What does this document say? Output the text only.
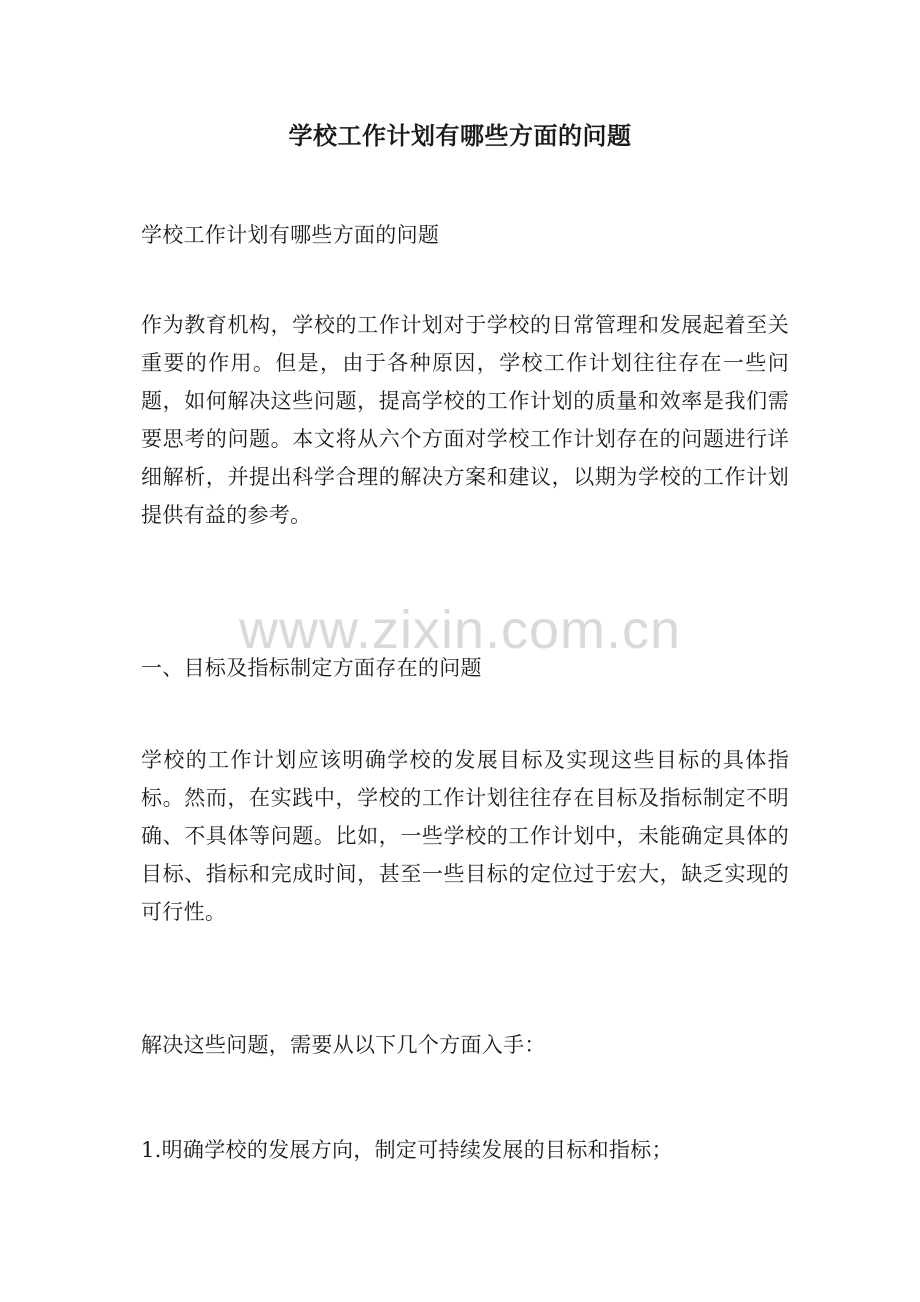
学校工作计划有哪些方面的问题

学校工作计划有哪些方面的问题

作为教育机构，学校的工作计划对于学校的日常管理和发展起着至关重要的作用。但是，由于各种原因，学校工作计划往往存在一些问题，如何解决这些问题，提高学校的工作计划的质量和效率是我们需要思考的问题。本文将从六个方面对学校工作计划存在的问题进行详细解析，并提出科学合理的解决方案和建议，以期为学校的工作计划提供有益的参考。

一、目标及指标制定方面存在的问题

学校的工作计划应该明确学校的发展目标及实现这些目标的具体指标。然而，在实践中，学校的工作计划往往存在目标及指标制定不明确、不具体等问题。比如，一些学校的工作计划中，未能确定具体的目标、指标和完成时间，甚至一些目标的定位过于宏大，缺乏实现的可行性。

解决这些问题，需要从以下几个方面入手：

1.明确学校的发展方向，制定可持续发展的目标和指标；

www.zixin.com.cn
